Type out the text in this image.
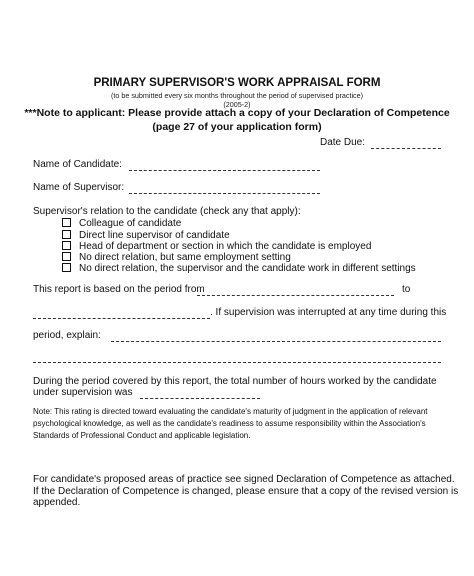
PRIMARY SUPERVISOR'S WORK APPRAISAL FORM
(to be submitted every six months throughout the period of supervised practice)
(2005-2)
***Note to applicant: Please provide attach a copy of your Declaration of Competence
(page 27 of your application form)
Date Due:
Name of Candidate:
Name of Supervisor:
Supervisor's relation to the candidate (check any that apply):
Colleague of candidate
Direct line supervisor of candidate
Head of department or section in which the candidate is employed
No direct relation, but same employment setting
No direct relation, the supervisor and the candidate work in different settings
This report is based on the period from	to
. If supervision was interrupted at any time during this
period, explain:
During the period covered by this report, the total number of hours worked by the candidate
under supervision was
Note: This rating is directed toward evaluating the candidate's maturity of judgment in the application of relevant psychological knowledge, as well as the candidate's readiness to assume responsibility within the Association's Standards of Professional Conduct and applicable legislation.
For candidate's proposed areas of practice see signed Declaration of Competence as attached.
If the Declaration of Competence is changed, please ensure that a copy of the revised version is
appended.
